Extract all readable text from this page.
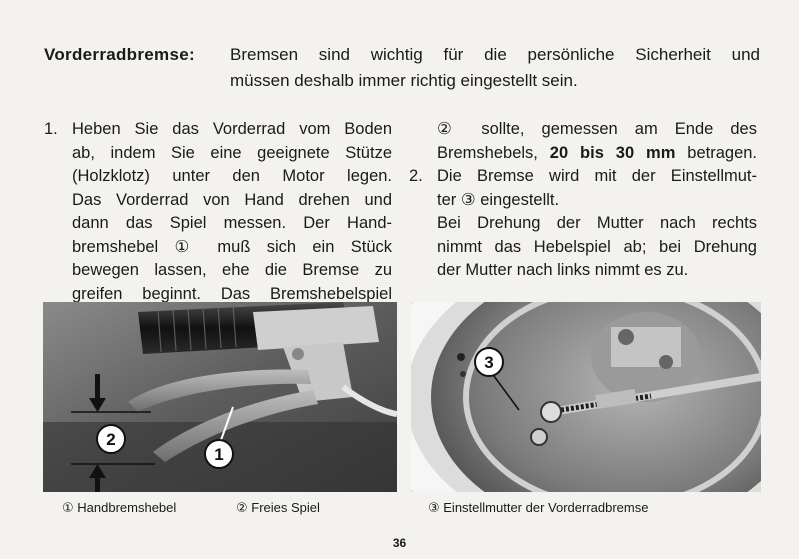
Vorderradbremse: Bremsen sind wichtig für die persönliche Sicherheit und
müssen deshalb immer richtig eingestellt sein.
1. Heben Sie das Vorderrad vom Boden
ab, indem Sie eine geeignete Stütze
(Holzklotz) unter den Motor legen.
Das Vorderrad von Hand drehen und
dann das Spiel messen. Der Hand-
bremshebel ① muß sich ein Stück
bewegen lassen, ehe die Bremse zu
greifen beginnt. Das Bremshebelspiel
② sollte, gemessen am Ende des
Bremshebels, 20 bis 30 mm betragen.
2. Die Bremse wird mit der Einstellmut-
ter ③ eingestellt.
Bei Drehung der Mutter nach rechts
nimmt das Hebelspiel ab; bei Drehung
der Mutter nach links nimmt es zu.
2
1
3
① Handbremshebel	② Freies Spiel	③ Einstellmutter der Vorderradbremse
36
